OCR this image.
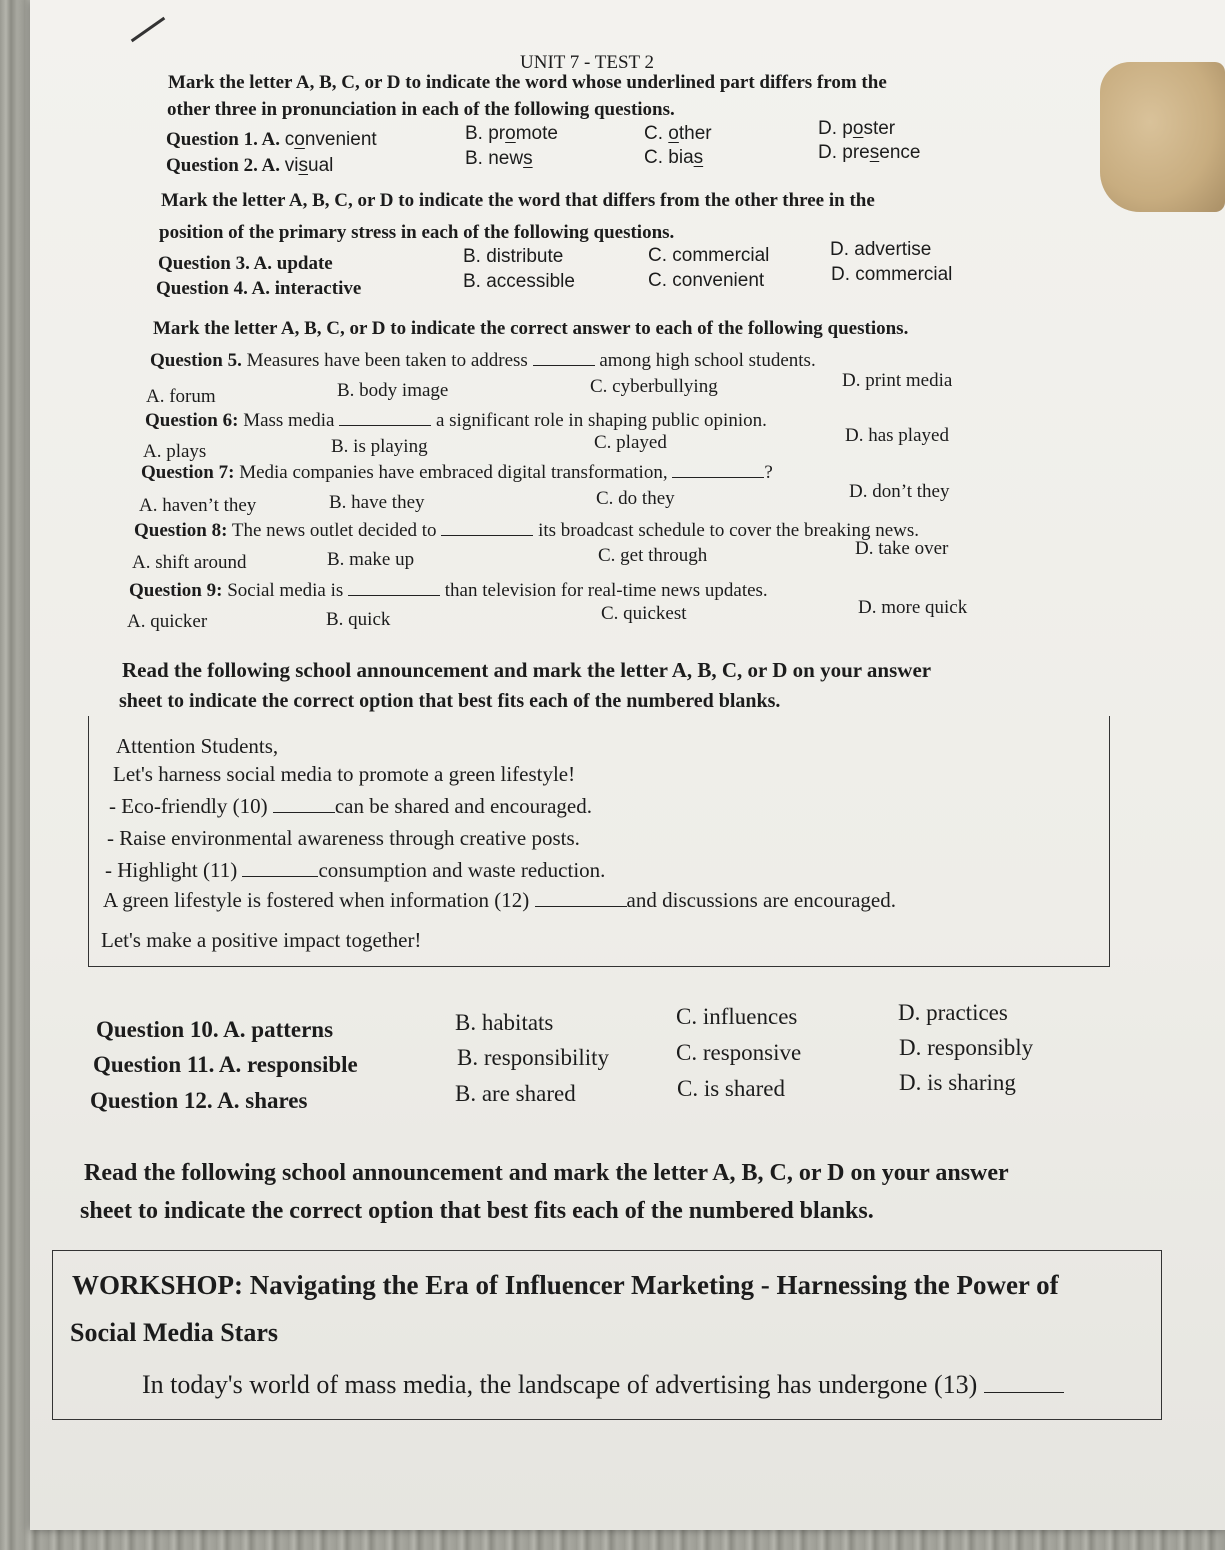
UNIT 7 - TEST 2
Mark the letter A, B, C, or D to indicate the word whose underlined part differs from the
other three in pronunciation in each of the following questions.
Question 1. A. convenient	B. promote	C. other	D. poster
Question 2. A. visual	B. news	C. bias	D. presence
Mark the letter A, B, C, or D to indicate the word that differs from the other three in the
position of the primary stress in each of the following questions.
Question 3. A. update	B. distribute	C. commercial	D. advertise
Question 4. A. interactive	B. accessible	C. convenient	D. commercial
Mark the letter A, B, C, or D to indicate the correct answer to each of the following questions.
Question 5. Measures have been taken to address	among high school students.
A. forum	B. body image	C. cyberbullying	D. print media
Question 6: Mass media	a significant role in shaping public opinion.
A. plays	B. is playing	C. played	D. has played
Question 7: Media companies have embraced digital transformation,	?
A. haven’t they	B. have they	C. do they	D. don’t they
Question 8: The news outlet decided to	its broadcast schedule to cover the breaking news.
A. shift around	B. make up	C. get through	D. take over
Question 9: Social media is	than television for real-time news updates.
A. quicker	B. quick	C. quickest	D. more quick
Read the following school announcement and mark the letter A, B, C, or D on your answer
sheet to indicate the correct option that best fits each of the numbered blanks.
Attention Students,
Let's harness social media to promote a green lifestyle!
- Eco-friendly (10)	can be shared and encouraged.
- Raise environmental awareness through creative posts.
- Highlight (11)	consumption and waste reduction.
A green lifestyle is fostered when information (12)	and discussions are encouraged.
Let's make a positive impact together!
Question 10. A. patterns	B. habitats	C. influences	D. practices
Question 11. A. responsible	B. responsibility	C. responsive	D. responsibly
Question 12. A. shares	B. are shared	C. is shared	D. is sharing
Read the following school announcement and mark the letter A, B, C, or D on your answer
sheet to indicate the correct option that best fits each of the numbered blanks.
WORKSHOP: Navigating the Era of Influencer Marketing - Harnessing the Power of
Social Media Stars
In today's world of mass media, the landscape of advertising has undergone (13)
